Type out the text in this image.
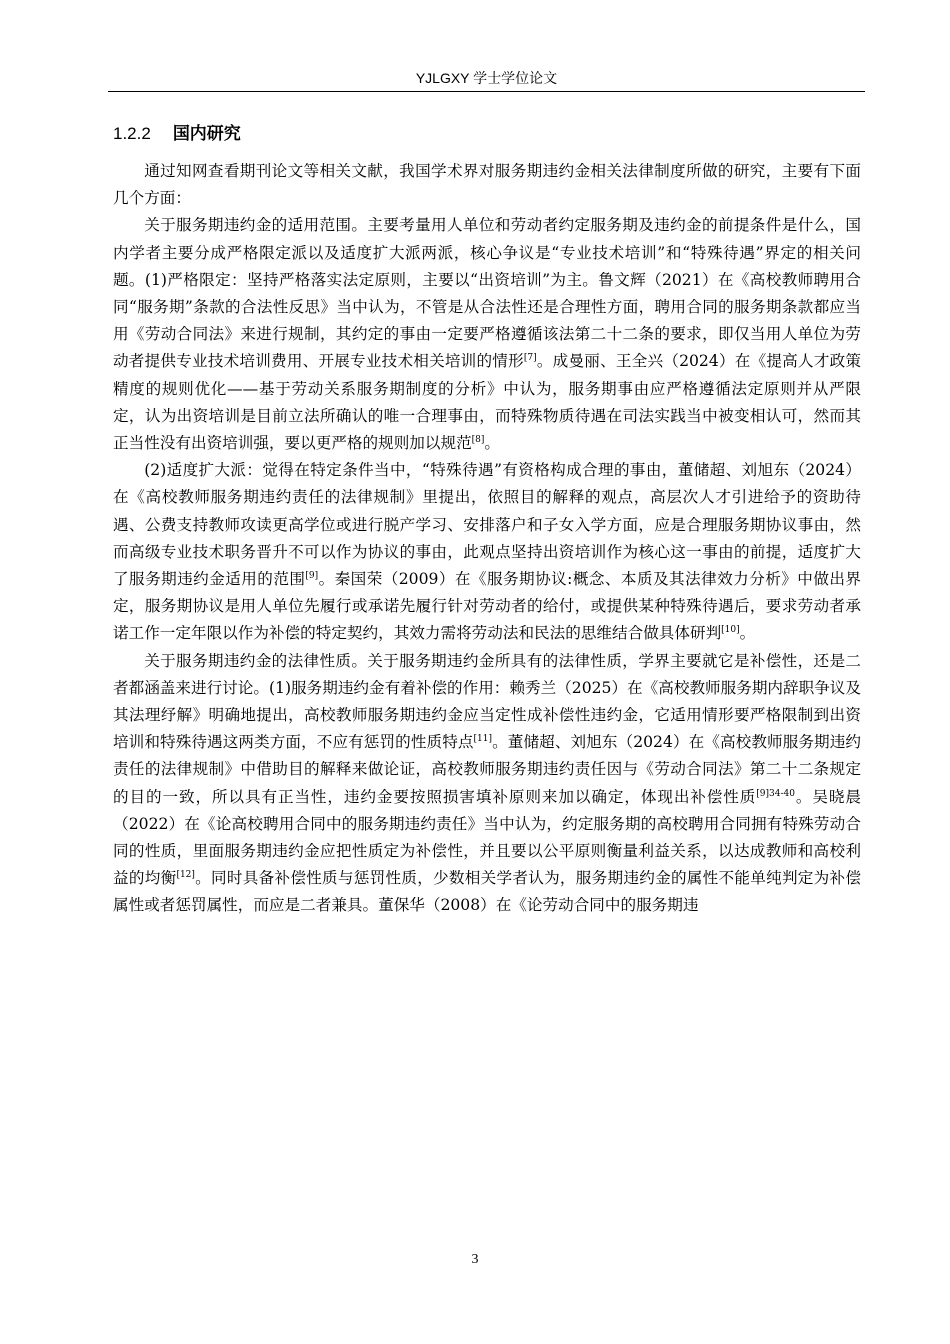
YJLGXY 学士学位论文
1.2.2 国内研究

通过知网查看期刊论文等相关文献，我国学术界对服务期违约金相关法律制度所做的研究，主要有下面几个方面：

关于服务期违约金的适用范围。主要考量用人单位和劳动者约定服务期及违约金的前提条件是什么，国内学者主要分成严格限定派以及适度扩大派两派，核心争议是“专业技术培训”和“特殊待遇”界定的相关问题。(1)严格限定：坚持严格落实法定原则，主要以“出资培训”为主。鲁文辉（2021）在《高校教师聘用合同“服务期”条款的合法性反思》当中认为，不管是从合法性还是合理性方面，聘用合同的服务期条款都应当用《劳动合同法》来进行规制，其约定的事由一定要严格遵循该法第二十二条的要求，即仅当用人单位为劳动者提供专业技术培训费用、开展专业技术相关培训的情形[7]。成曼丽、王全兴（2024）在《提高人才政策精度的规则优化——基于劳动关系服务期制度的分析》中认为，服务期事由应严格遵循法定原则并从严限定，认为出资培训是目前立法所确认的唯一合理事由，而特殊物质待遇在司法实践当中被变相认可，然而其正当性没有出资培训强，要以更严格的规则加以规范[8]。

(2)适度扩大派：觉得在特定条件当中，“特殊待遇”有资格构成合理的事由，董储超、刘旭东（2024）在《高校教师服务期违约责任的法律规制》里提出，依照目的解释的观点，高层次人才引进给予的资助待遇、公费支持教师攻读更高学位或进行脱产学习、安排落户和子女入学方面，应是合理服务期协议事由，然而高级专业技术职务晋升不可以作为协议的事由，此观点坚持出资培训作为核心这一事由的前提，适度扩大了服务期违约金适用的范围[9]。秦国荣（2009）在《服务期协议:概念、本质及其法律效力分析》中做出界定，服务期协议是用人单位先履行或承诺先履行针对劳动者的给付，或提供某种特殊待遇后，要求劳动者承诺工作一定年限以作为补偿的特定契约，其效力需将劳动法和民法的思维结合做具体研判[10]。

关于服务期违约金的法律性质。关于服务期违约金所具有的法律性质，学界主要就它是补偿性，还是二者都涵盖来进行讨论。(1)服务期违约金有着补偿的作用：赖秀兰（2025）在《高校教师服务期内辞职争议及其法理纾解》明确地提出，高校教师服务期违约金应当定性成补偿性违约金，它适用情形要严格限制到出资培训和特殊待遇这两类方面，不应有惩罚的性质特点[11]。董储超、刘旭东（2024）在《高校教师服务期违约责任的法律规制》中借助目的解释来做论证，高校教师服务期违约责任因与《劳动合同法》第二十二条规定的目的一致，所以具有正当性，违约金要按照损害填补原则来加以确定，体现出补偿性质$^{[9]34-40}$。吴晓晨（2022）在《论高校聘用合同中的服务期违约责任》当中认为，约定服务期的高校聘用合同拥有特殊劳动合同的性质，里面服务期违约金应把性质定为补偿性，并且要以公平原则衡量利益关系，以达成教师和高校利益的均衡[12]。同时具备补偿性质与惩罚性质，少数相关学者认为，服务期违约金的属性不能单纯判定为补偿属性或者惩罚属性，而应是二者兼具。董保华（2008）在《论劳动合同中的服务期违

3
